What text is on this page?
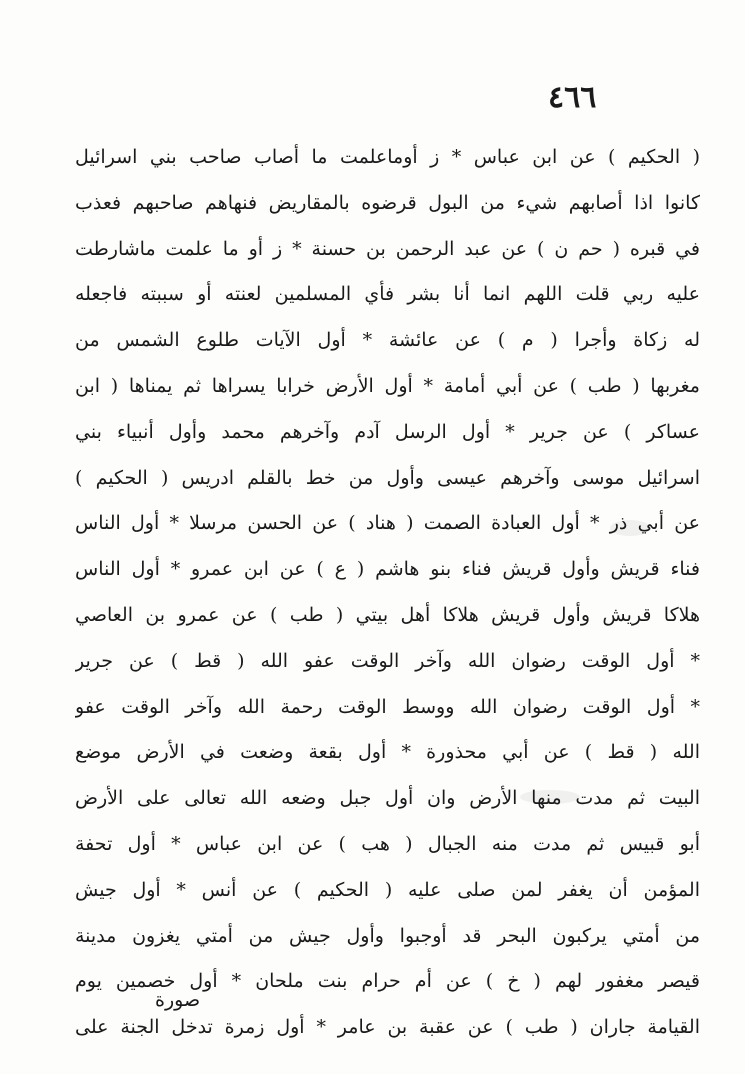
٤٦٦
( الحكيم ) عن ابن عباس * ز أوماعلمت ما أصاب صاحب بني اسرائيل
كانوا اذا أصابهم شيء من البول قرضوه بالمقاريض فنهاهم صاحبهم فعذب
في قبره ( حم ن ) عن عبد الرحمن بن حسنة * ز أو ما علمت ماشارطت
عليه ربي قلت اللهم انما أنا بشر فأي المسلمين لعنته أو سببته فاجعله
له زكاة وأجرا ( م ) عن عائشة * أول الآيات طلوع الشمس من
مغربها ( طب ) عن أبي أمامة * أول الأرض خرابا يسراها ثم يمناها ( ابن
عساكر ) عن جرير * أول الرسل آدم وآخرهم محمد وأول أنبياء بني
اسرائيل موسى وآخرهم عيسى وأول من خط بالقلم ادريس ( الحكيم )
عن أبي ذر * أول العبادة الصمت ( هناد ) عن الحسن مرسلا * أول الناس
فناء قريش وأول قريش فناء بنو هاشم ( ع ) عن ابن عمرو * أول الناس
هلاكا قريش وأول قريش هلاكا أهل بيتي ( طب ) عن عمرو بن العاصي
* أول الوقت رضوان الله وآخر الوقت عفو الله ( قط ) عن جرير
* أول الوقت رضوان الله ووسط الوقت رحمة الله وآخر الوقت عفو
الله ( قط ) عن أبي محذورة * أول بقعة وضعت في الأرض موضع
البيت ثم مدت منها الأرض وان أول جبل وضعه الله تعالى على الأرض
أبو قبيس ثم مدت منه الجبال ( هب ) عن ابن عباس * أول تحفة
المؤمن أن يغفر لمن صلى عليه ( الحكيم ) عن أنس * أول جيش
من أمتي يركبون البحر قد أوجبوا وأول جيش من أمتي يغزون مدينة
قيصر مغفور لهم ( خ ) عن أم حرام بنت ملحان * أول خصمين يوم
القيامة جاران ( طب ) عن عقبة بن عامر * أول زمرة تدخل الجنة على
صورة
